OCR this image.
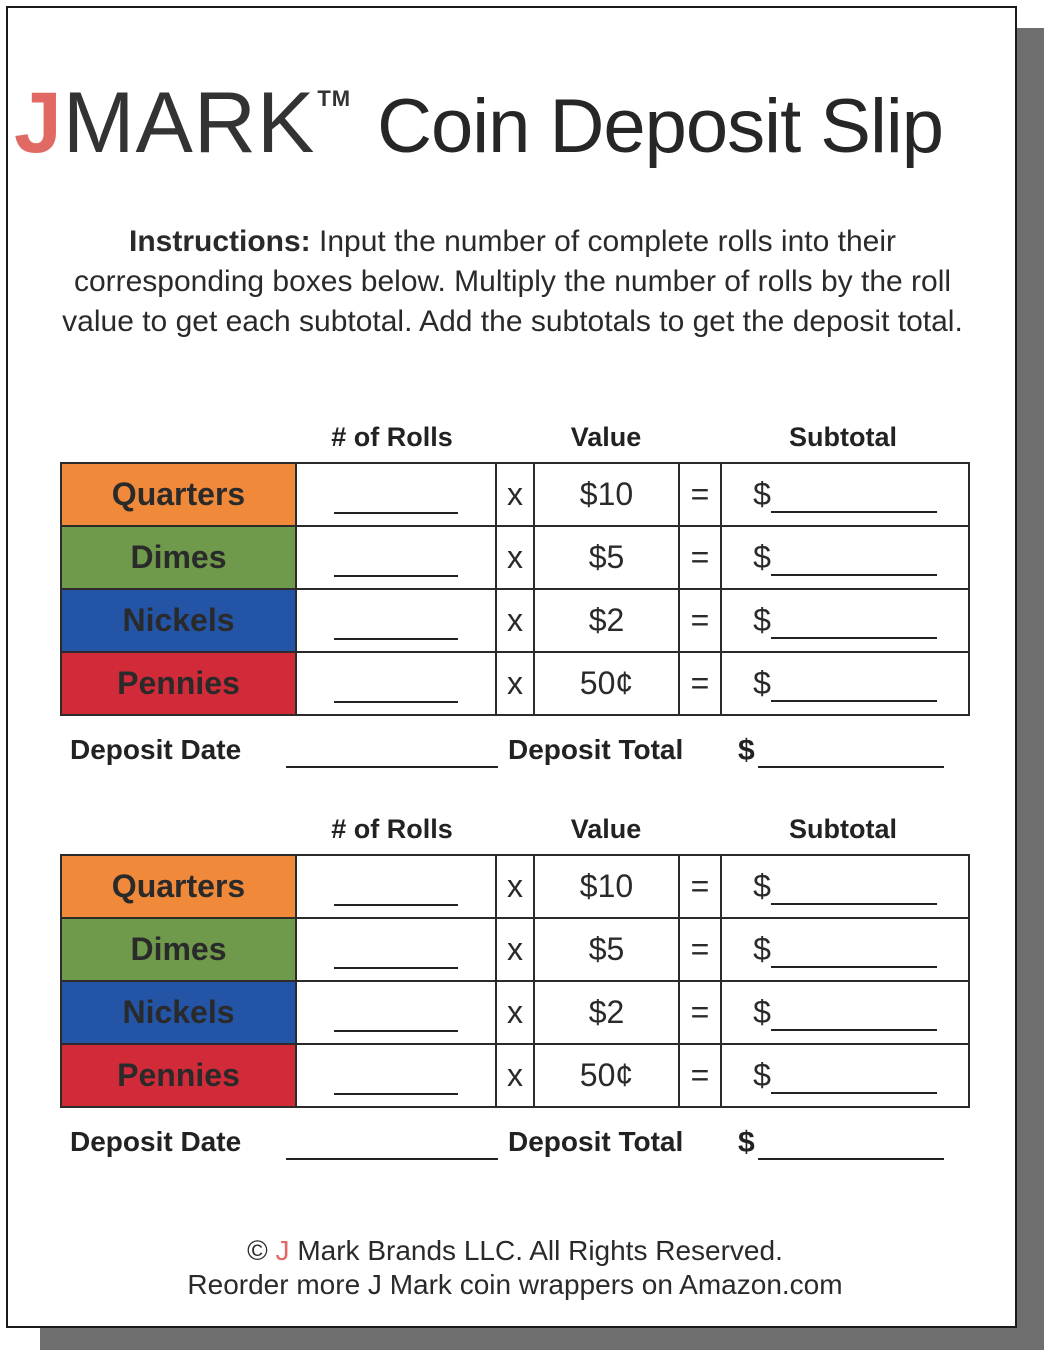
J MARK TM Coin Deposit Slip
Instructions: Input the number of complete rolls into their corresponding boxes below. Multiply the number of rolls by the roll value to get each subtotal. Add the subtotals to get the deposit total.
# of Rolls	Value	Subtotal
Quarters		x	$10	=	$
Dimes		x	$5	=	$
Nickels		x	$2	=	$
Pennies		x	50¢	=	$
Deposit Date	Deposit Total $
# of Rolls	Value	Subtotal
Quarters		x	$10	=	$
Dimes		x	$5	=	$
Nickels		x	$2	=	$
Pennies		x	50¢	=	$
Deposit Date	Deposit Total $
© J Mark Brands LLC. All Rights Reserved.
Reorder more J Mark coin wrappers on Amazon.com
